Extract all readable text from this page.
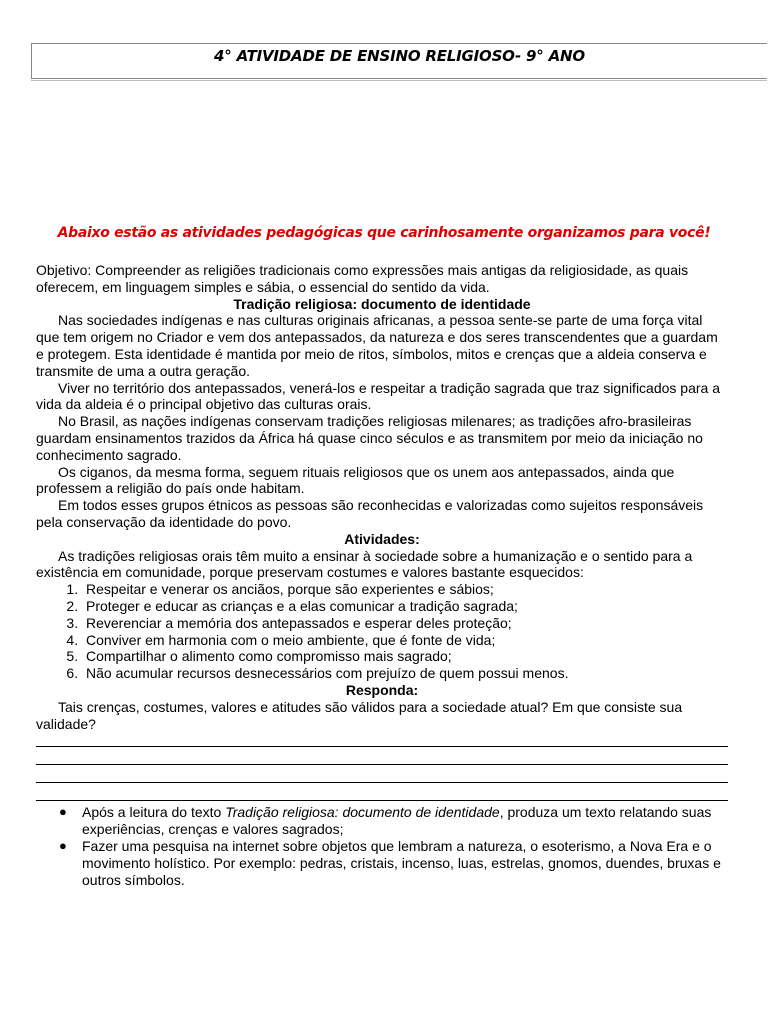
4° ATIVIDADE DE ENSINO RELIGIOSO- 9° ANO
Abaixo estão as atividades pedagógicas que carinhosamente organizamos para você!

Objetivo: Compreender as religiões tradicionais como expressões mais antigas da religiosidade, as quais oferecem, em linguagem simples e sábia, o essencial do sentido da vida.

Tradição religiosa: documento de identidade

Nas sociedades indígenas e nas culturas originais africanas, a pessoa sente-se parte de uma força vital que tem origem no Criador e vem dos antepassados, da natureza e dos seres transcendentes que a guardam e protegem. Esta identidade é mantida por meio de ritos, símbolos, mitos e crenças que a aldeia conserva e transmite de uma a outra geração.

Viver no território dos antepassados, venerá-los e respeitar a tradição sagrada que traz significados para a vida da aldeia é o principal objetivo das culturas orais.

No Brasil, as nações indígenas conservam tradições religiosas milenares; as tradições afro-brasileiras guardam ensinamentos trazidos da África há quase cinco séculos e as transmitem por meio da iniciação no conhecimento sagrado.

Os ciganos, da mesma forma, seguem rituais religiosos que os unem aos antepassados, ainda que professem a religião do país onde habitam.

Em todos esses grupos étnicos as pessoas são reconhecidas e valorizadas como sujeitos responsáveis pela conservação da identidade do povo.

Atividades:

As tradições religiosas orais têm muito a ensinar à sociedade sobre a humanização e o sentido para a existência em comunidade, porque preservam costumes e valores bastante esquecidos:

1. Respeitar e venerar os anciãos, porque são experientes e sábios;
2. Proteger e educar as crianças e a elas comunicar a tradição sagrada;
3. Reverenciar a memória dos antepassados e esperar deles proteção;
4. Conviver em harmonia com o meio ambiente, que é fonte de vida;
5. Compartilhar o alimento como compromisso mais sagrado;
6. Não acumular recursos desnecessários com prejuízo de quem possui menos.

Responda:

Tais crenças, costumes, valores e atitudes são válidos para a sociedade atual? Em que consiste sua validade?

● Após a leitura do texto Tradição religiosa: documento de identidade, produza um texto relatando suas experiências, crenças e valores sagrados;
● Fazer uma pesquisa na internet sobre objetos que lembram a natureza, o esoterismo, a Nova Era e o movimento holístico. Por exemplo: pedras, cristais, incenso, luas, estrelas, gnomos, duendes, bruxas e outros símbolos.
